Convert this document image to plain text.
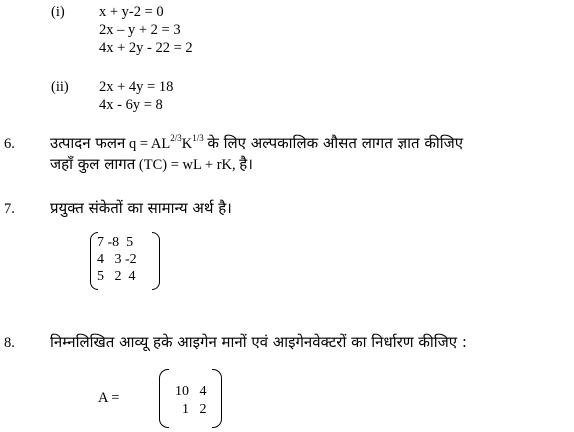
(i) x + y-2 = 0
2x – y + 2 = 3
4x + 2y - 22 = 2
(ii) 2x + 4y = 18
4x - 6y = 8
6. उत्पादन फलन $q = AL^{2/3}K^{1/3}$ के लिए अल्पकालिक औसत लागत ज्ञात कीजिए
जहाँ कुल लागत (TC) = wL + rK, है।
7. प्रयुक्त संकेतों का सामान्य अर्थ है।
7 -8  5
4   3 -2
5   2  4
8. निम्नलिखित आव्यू हके आइगेन मानों एवं आइगेनवेक्टरों का निर्धारण कीजिए :
A =	10   4
1   2
